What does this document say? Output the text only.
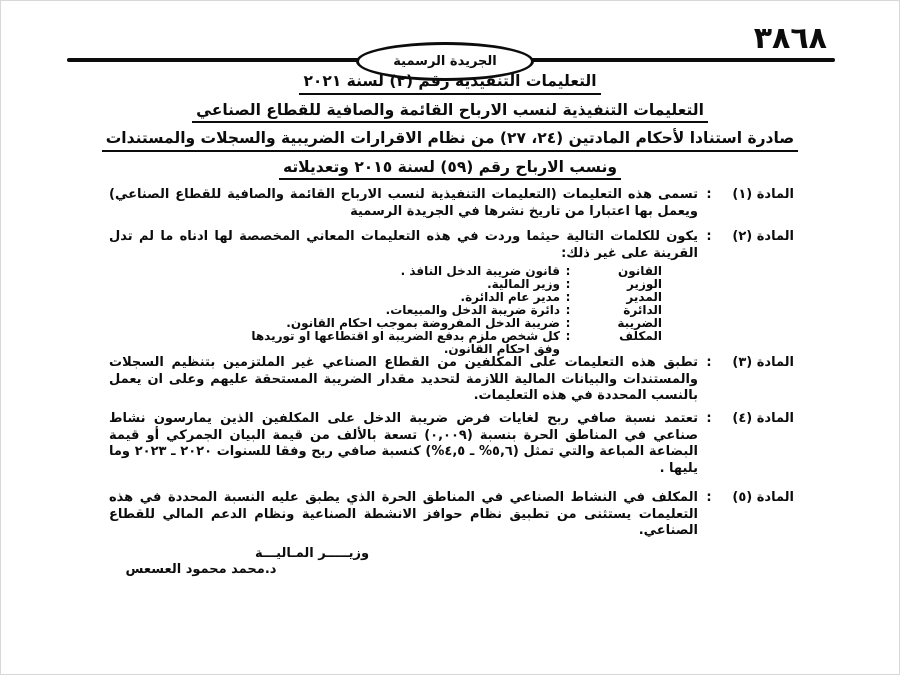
٣٨٦٨
الجريدة الرسمية
التعليمات التنفيذية رقم (٢) لسنة ٢٠٢١
التعليمات التنفيذية لنسب الارباح القائمة والصافية للقطاع الصناعي
صادرة استنادا لأحكام المادتين (٢٤، ٢٧) من نظام الاقرارات الضريبية والسجلات والمستندات
ونسب الارباح رقم (٥٩) لسنة ٢٠١٥ وتعديلاته
المادة (١)
:
تسمى هذه التعليمات (التعليمات التنفيذية لنسب الارباح القائمة والصافية للقطاع الصناعي) ويعمل بها اعتبارا من تاريخ نشرها في الجريدة الرسمية
المادة (٢)
:
يكون للكلمات التالية حيثما وردت في هذه التعليمات المعاني المخصصة لها ادناه ما لم تدل القرينة على غير ذلك:
القانون
:
قانون ضريبة الدخل النافذ .
الوزير
:
وزير المالية.
المدير
:
مدير عام الدائرة.
الدائرة
:
دائرة ضريبة الدخل والمبيعات.
الضريبة
:
ضريبة الدخل المفروضة بموجب احكام القانون.
المكلف
:
كل شخص ملزم بدفع الضريبة او اقتطاعها او توريدها وفق احكام القانون.
المادة (٣)
:
تطبق هذه التعليمات على المكلفين من القطاع الصناعي غير الملتزمين بتنظيم السجلات والمستندات والبيانات المالية اللازمة لتحديد مقدار الضريبة المستحقة عليهم وعلى ان يعمل بالنسب المحددة في هذه التعليمات.
المادة (٤)
:
تعتمد نسبة صافي ربح لغايات فرض ضريبة الدخل على المكلفين الذين يمارسون نشاط صناعي في المناطق الحرة بنسبة (٠,٠٠٩) تسعة بالألف من قيمة البيان الجمركي أو قيمة البضاعة المباعة والتي تمثل (٥,٦% ـ ٤,٥%) كنسبة صافي ربح وفقا للسنوات ٢٠٢٠ ـ ٢٠٢٣ وما يليها .
المادة (٥)
:
المكلف في النشاط الصناعي في المناطق الحرة الذي يطبق عليه النسبة المحددة في هذه التعليمات يستثنى من تطبيق نظام حوافز الانشطة الصناعية ونظام الدعم المالي للقطاع الصناعي.
وزيـــــر المـاليـــة
د.محمد محمود العسعس
